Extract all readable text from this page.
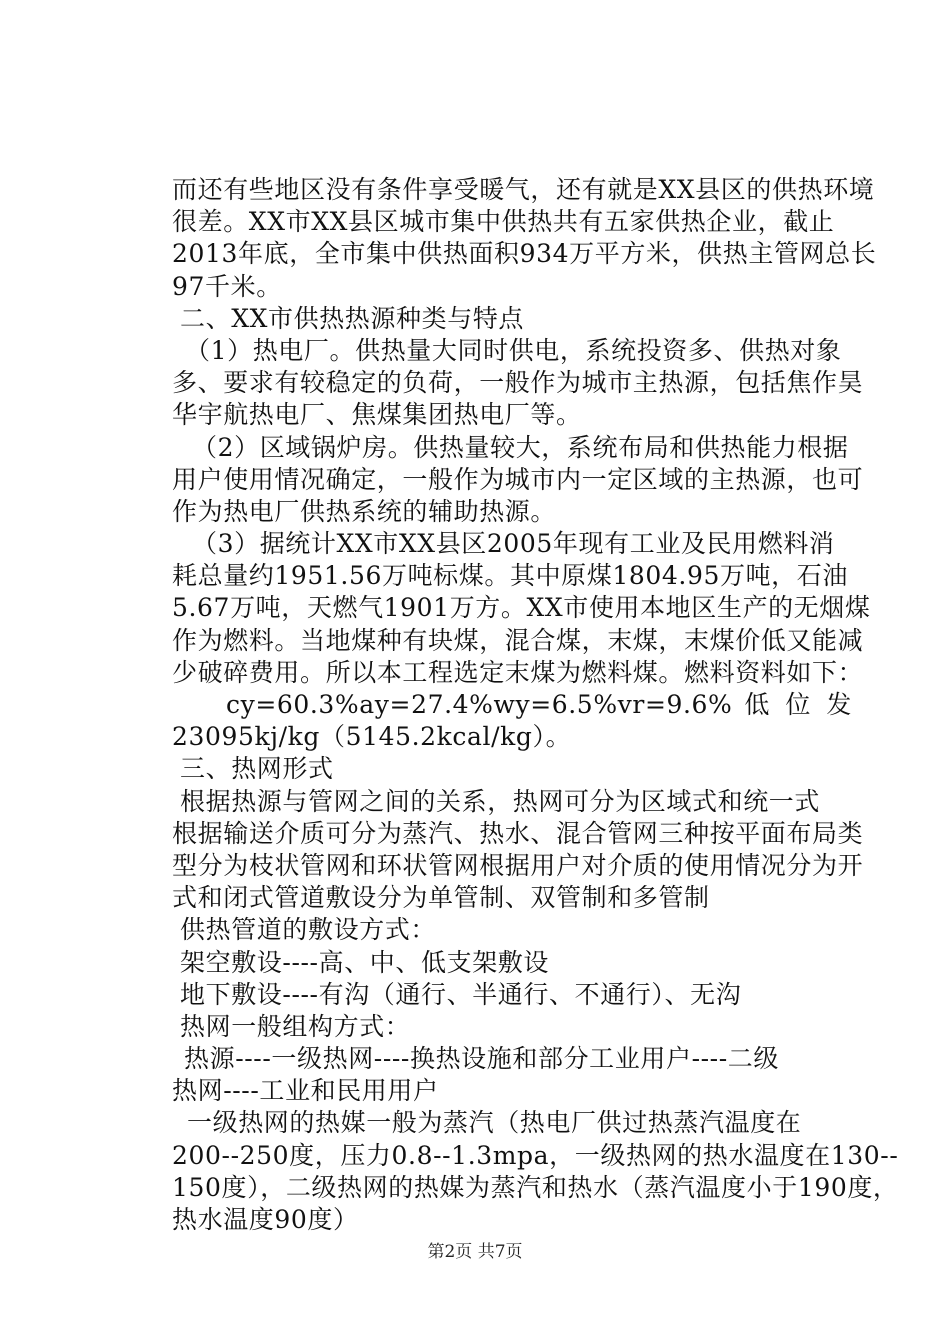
而还有些地区没有条件享受暖气，还有就是XX县区的供热环境
很差。XX市XX县区城市集中供热共有五家供热企业，截止
2013年底，全市集中供热面积934万平方米，供热主管网总长
97千米。
二、XX市供热热源种类与特点
（1）热电厂。供热量大同时供电，系统投资多、供热对象
多、要求有较稳定的负荷，一般作为城市主热源，包括焦作昊
华宇航热电厂、焦煤集团热电厂等。
（2）区域锅炉房。供热量较大，系统布局和供热能力根据
用户使用情况确定，一般作为城市内一定区域的主热源，也可
作为热电厂供热系统的辅助热源。
（3）据统计XX市XX县区2005年现有工业及民用燃料消
耗总量约1951.56万吨标煤。其中原煤1804.95万吨，石油
5.67万吨，天燃气1901万方。XX市使用本地区生产的无烟煤
作为燃料。当地煤种有块煤，混合煤，末煤，末煤价低又能减
少破碎费用。所以本工程选定末煤为燃料煤。燃料资料如下：
cy=60.3%ay=27.4%wy=6.5%vr=9.6% 低 位 发
23095kj/kg（5145.2kcal/kg）。
三、热网形式
根据热源与管网之间的关系，热网可分为区域式和统一式
根据输送介质可分为蒸汽、热水、混合管网三种按平面布局类
型分为枝状管网和环状管网根据用户对介质的使用情况分为开
式和闭式管道敷设分为单管制、双管制和多管制
供热管道的敷设方式：
架空敷设----高、中、低支架敷设
地下敷设----有沟（通行、半通行、不通行）、无沟
热网一般组构方式：
热源----一级热网----换热设施和部分工业用户----二级
热网----工业和民用用户
一级热网的热媒一般为蒸汽（热电厂供过热蒸汽温度在
200--250度，压力0.8--1.3mpa，一级热网的热水温度在130--
150度），二级热网的热媒为蒸汽和热水（蒸汽温度小于190度，
热水温度90度）
第2页 共7页
